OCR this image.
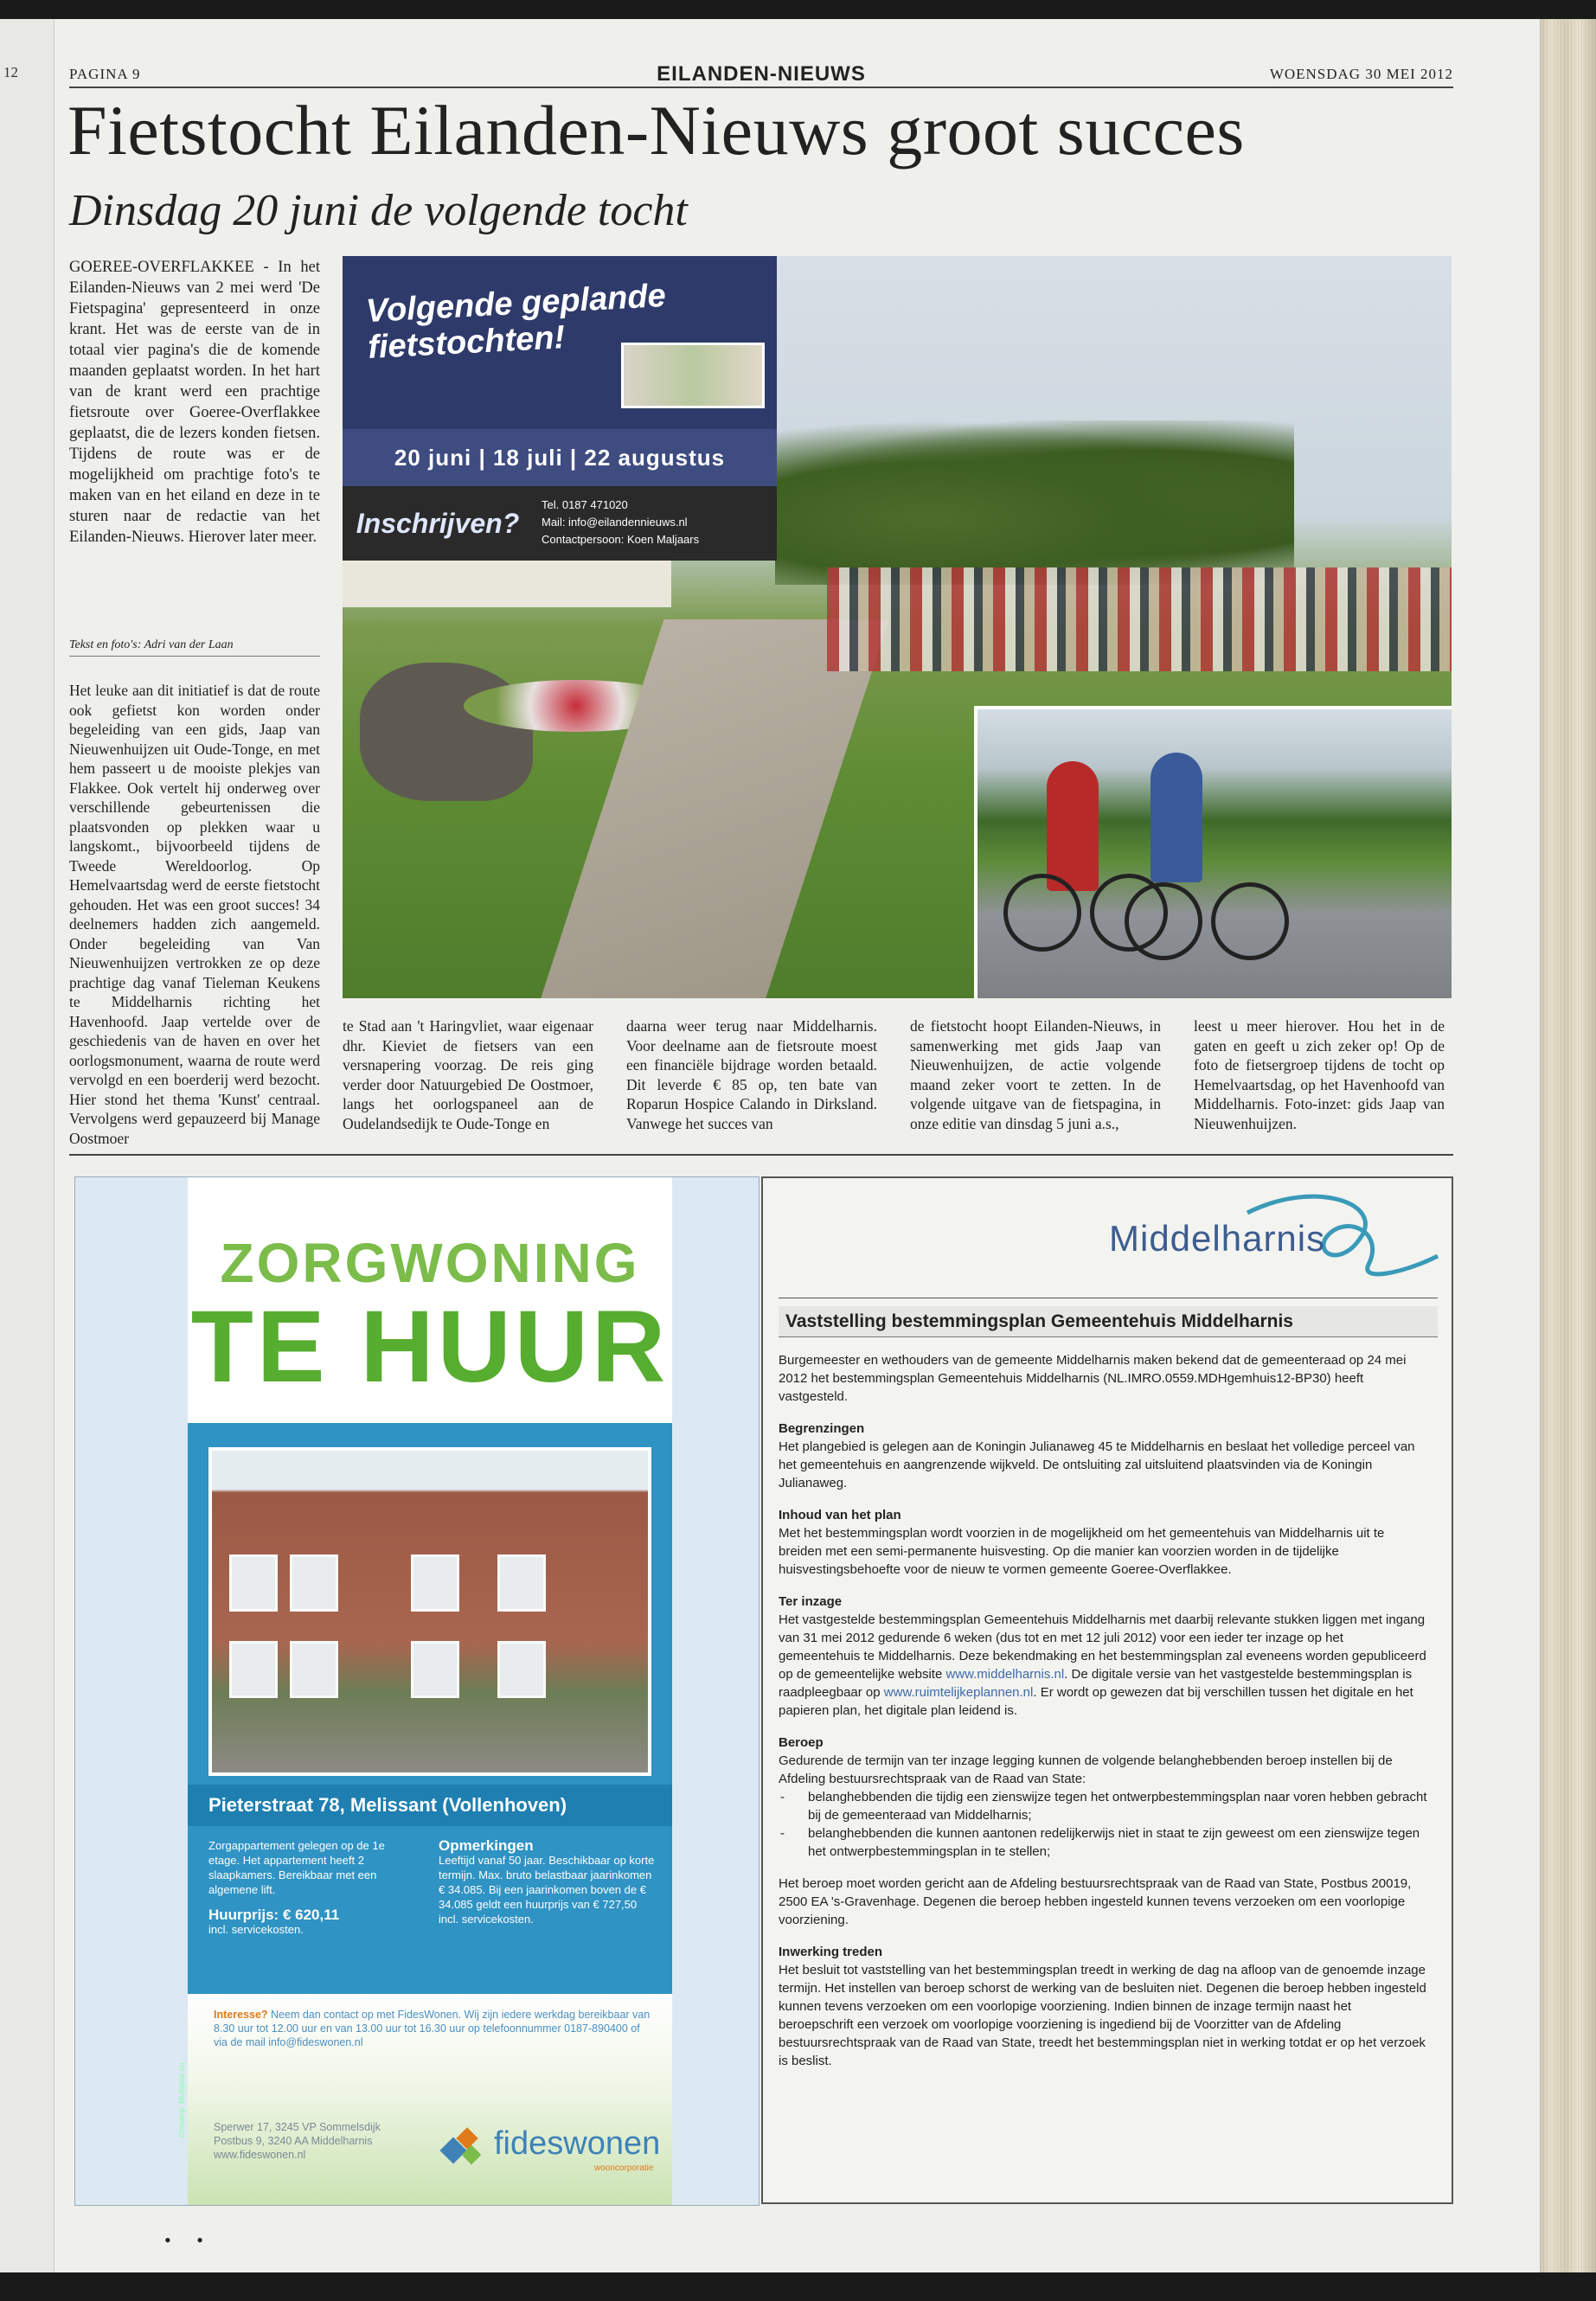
12	PAGINA 9	EILANDEN-NIEUWS	WOENSDAG 30 MEI 2012
Fietstocht Eilanden-Nieuws groot succes
Dinsdag 20 juni de volgende tocht
GOEREE-OVERFLAKKEE - In het Eilanden-Nieuws van 2 mei werd 'De Fietspagina' gepresenteerd in onze krant. Het was de eerste van de in totaal vier pagina's die de komende maanden geplaatst worden. In het hart van de krant werd een prachtige fietsroute over Goeree-Overflakkee geplaatst, die de lezers konden fietsen. Tijdens de route was er de mogelijkheid om prachtige foto's te maken van en het eiland en deze in te sturen naar de redactie van het Eilanden-Nieuws. Hierover later meer.
Tekst en foto's: Adri van der Laan
Het leuke aan dit initiatief is dat de route ook gefietst kon worden onder begeleiding van een gids, Jaap van Nieuwenhuijzen uit Oude-Tonge, en met hem passeert u de mooiste plekjes van Flakkee. Ook vertelt hij onderweg over verschillende gebeurtenissen die plaatsvonden op plekken waar u langskomt., bijvoorbeeld tijdens de Tweede Wereldoorlog. Op Hemelvaartsdag werd de eerste fietstocht gehouden. Het was een groot succes! 34 deelnemers hadden zich aangemeld. Onder begeleiding van Van Nieuwenhuijzen vertrokken ze op deze prachtige dag vanaf Tieleman Keukens te Middelharnis richting het Havenhoofd. Jaap vertelde over de geschiedenis van de haven en over het oorlogsmonument, waarna de route werd vervolgd en een boerderij werd bezocht. Hier stond het thema 'Kunst' centraal. Vervolgens werd gepauzeerd bij Manage Oostmoer
Volgende geplande
fietstochten!
20 juni | 18 juli | 22 augustus
Inschrijven?
Tel. 0187 471020
Mail: info@eilandennieuws.nl
Contactpersoon: Koen Maljaars
te Stad aan 't Haringvliet, waar eigenaar dhr. Kieviet de fietsers van een versnapering voorzag. De reis ging verder door Natuurgebied De Oostmoer, langs het oorlogspaneel aan de Oudelandsedijk te Oude-Tonge en
daarna weer terug naar Middelharnis. Voor deelname aan de fietsroute moest een financiële bijdrage worden betaald. Dit leverde € 85 op, ten bate van Roparun Hospice Calando in Dirksland. Vanwege het succes van
de fietstocht hoopt Eilanden-Nieuws, in samenwerking met gids Jaap van Nieuwenhuijzen, de actie volgende maand zeker voort te zetten. In de volgende uitgave van de fietspagina, in onze editie van dinsdag 5 juni a.s.,
leest u meer hierover. Hou het in de gaten en geeft u zich zeker op! Op de foto de fietsergroep tijdens de tocht op Hemelvaartsdag, op het Havenhoofd van Middelharnis. Foto-inzet: gids Jaap van Nieuwenhuijzen.
ZORGWONING
TE HUUR
Pieterstraat 78, Melissant (Vollenhoven)
Zorgappartement gelegen op de 1e etage. Het appartement heeft 2 slaapkamers. Bereikbaar met een algemene lift.
Huurprijs: € 620,11
incl. servicekosten.
Opmerkingen
Leeftijd vanaf 50 jaar. Beschikbaar op korte termijn. Max. bruto belastbaar jaarinkomen € 34.085. Bij een jaarinkomen boven de € 34.085 geldt een huurprijs van € 727,50 incl. servicekosten.
Interesse? Neem dan contact op met FidesWonen. Wij zijn iedere werkdag bereikbaar van 8.30 uur tot 12.00 uur en van 13.00 uur tot 16.30 uur op telefoonnummer 0187-890400 of via de mail info@fideswonen.nl
Sperwer 17, 3245 VP Sommelsdijk
Postbus 9, 3240 AA Middelharnis
www.fideswonen.nl	fideswonen
wooncorporatie
Ontwerp: Multiplist.nu
Middelharnis
Vaststelling bestemmingsplan Gemeentehuis Middelharnis

Burgemeester en wethouders van de gemeente Middelharnis maken bekend dat de gemeenteraad op 24 mei 2012 het bestemmingsplan Gemeentehuis Middelharnis (NL.IMRO.0559.MDHgemhuis12-BP30) heeft vastgesteld.

Begrenzingen

Het plangebied is gelegen aan de Koningin Julianaweg 45 te Middelharnis en beslaat het volledige perceel van het gemeentehuis en aangrenzende wijkveld. De ontsluiting zal uitsluitend plaatsvinden via de Koningin Julianaweg.

Inhoud van het plan

Met het bestemmingsplan wordt voorzien in de mogelijkheid om het gemeentehuis van Middelharnis uit te breiden met een semi-permanente huisvesting. Op die manier kan voorzien worden in de tijdelijke huisvestingsbehoefte voor de nieuw te vormen gemeente Goeree-Overflakkee.

Ter inzage

Het vastgestelde bestemmingsplan Gemeentehuis Middelharnis met daarbij relevante stukken liggen met ingang van 31 mei 2012 gedurende 6 weken (dus tot en met 12 juli 2012) voor een ieder ter inzage op het gemeentehuis te Middelharnis. Deze bekendmaking en het bestemmingsplan zal eveneens worden gepubliceerd op de gemeentelijke website www.middelharnis.nl. De digitale versie van het vastgestelde bestemmingsplan is raadpleegbaar op www.ruimtelijkeplannen.nl. Er wordt op gewezen dat bij verschillen tussen het digitale en het papieren plan, het digitale plan leidend is.

Beroep

Gedurende de termijn van ter inzage legging kunnen de volgende belanghebbenden beroep instellen bij de Afdeling bestuursrechtspraak van de Raad van State:

- belanghebbenden die tijdig een zienswijze tegen het ontwerpbestemmingsplan naar voren hebben gebracht bij de gemeenteraad van Middelharnis;
- belanghebbenden die kunnen aantonen redelijkerwijs niet in staat te zijn geweest om een zienswijze tegen het ontwerpbestemmingsplan in te stellen;

Het beroep moet worden gericht aan de Afdeling bestuursrechtspraak van de Raad van State, Postbus 20019, 2500 EA 's-Gravenhage. Degenen die beroep hebben ingesteld kunnen tevens verzoeken om een voorlopige voorziening.

Inwerking treden

Het besluit tot vaststelling van het bestemmingsplan treedt in werking de dag na afloop van de genoemde inzage termijn. Het instellen van beroep schorst de werking van de besluiten niet. Degenen die beroep hebben ingesteld kunnen tevens verzoeken om een voorlopige voorziening. Indien binnen de inzage termijn naast het beroepschrift een verzoek om voorlopige voorziening is ingediend bij de Voorzitter van de Afdeling bestuursrechtspraak van de Raad van State, treedt het bestemmingsplan niet in werking totdat er op het verzoek is beslist.

• •
